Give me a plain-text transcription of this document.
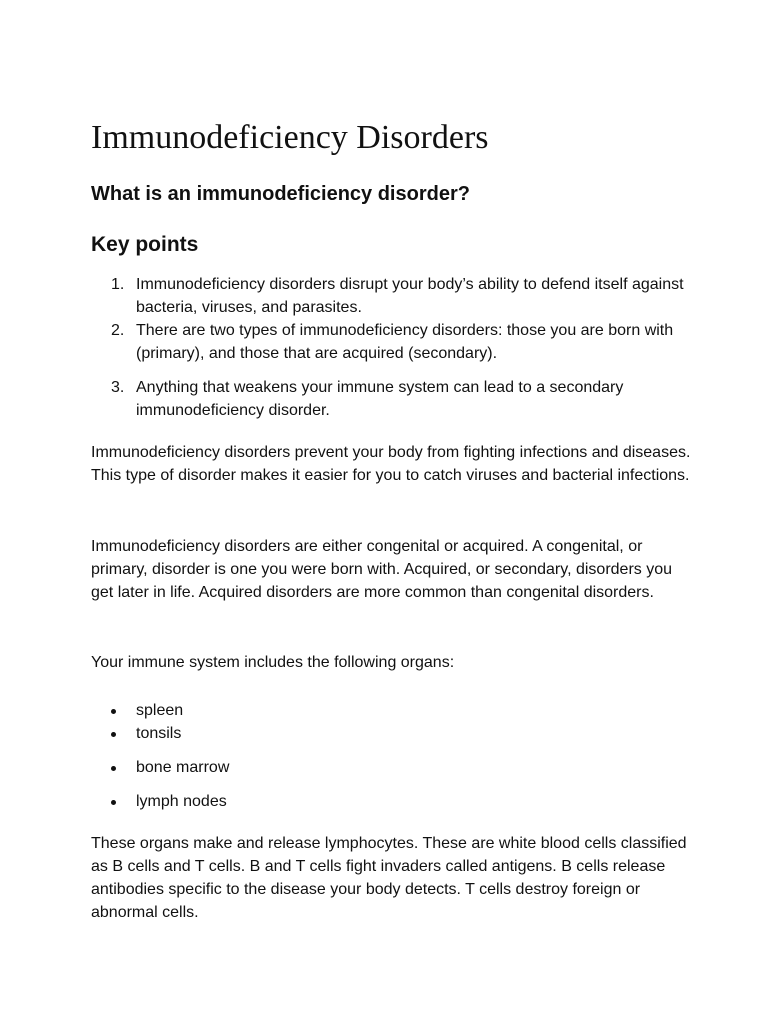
Immunodeficiency Disorders
What is an immunodeficiency disorder?
Key points
1. Immunodeficiency disorders disrupt your body’s ability to defend itself against bacteria, viruses, and parasites.
2. There are two types of immunodeficiency disorders: those you are born with (primary), and those that are acquired (secondary).
3. Anything that weakens your immune system can lead to a secondary immunodeficiency disorder.

Immunodeficiency disorders prevent your body from fighting infections and diseases. This type of disorder makes it easier for you to catch viruses and bacterial infections.

Immunodeficiency disorders are either congenital or acquired. A congenital, or primary, disorder is one you were born with. Acquired, or secondary, disorders you get later in life. Acquired disorders are more common than congenital disorders.

Your immune system includes the following organs:

spleen
tonsils
bone marrow
lymph nodes

These organs make and release lymphocytes. These are white blood cells classified as B cells and T cells. B and T cells fight invaders called antigens. B cells release antibodies specific to the disease your body detects. T cells destroy foreign or abnormal cells.
